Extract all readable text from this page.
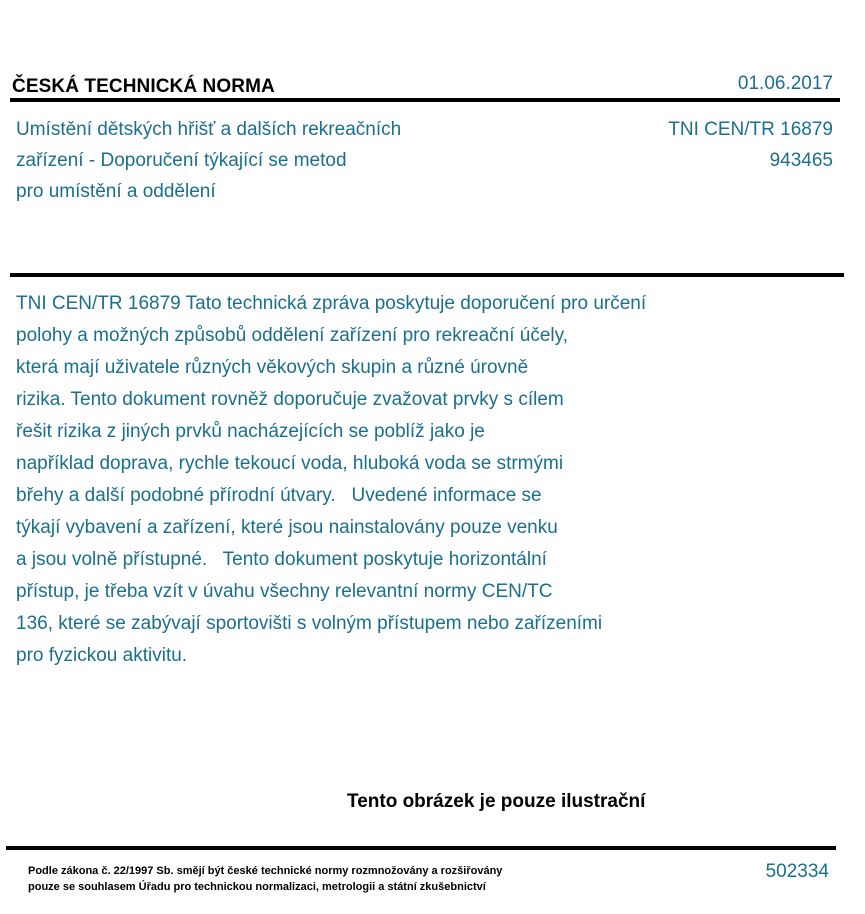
ČESKÁ TECHNICKÁ NORMA	01.06.2017
Umístění dětských hřišť a dalších rekreačních
zařízení - Doporučení týkající se metod
pro umístění a oddělení
TNI CEN/TR 16879
943465
TNI CEN/TR 16879 Tato technická zpráva poskytuje doporučení pro určení
polohy a možných způsobů oddělení zařízení pro rekreační účely,
která mají uživatele různých věkových skupin a různé úrovně
rizika. Tento dokument rovněž doporučuje zvažovat prvky s cílem
řešit rizika z jiných prvků nacházejících se poblíž jako je
například doprava, rychle tekoucí voda, hluboká voda se strmými
břehy a další podobné přírodní útvary.   Uvedené informace se
týkají vybavení a zařízení, které jsou nainstalovány pouze venku
a jsou volně přístupné.   Tento dokument poskytuje horizontální
přístup, je třeba vzít v úvahu všechny relevantní normy CEN/TC
136, které se zabývají sportovišti s volným přístupem nebo zařízeními
pro fyzickou aktivitu.
Tento obrázek je pouze ilustrační
Podle zákona č. 22/1997 Sb. smějí být české technické normy rozmnožovány a rozšiřovány
pouze se souhlasem Úřadu pro technickou normalizaci, metrologii a státní zkušebnictví
502334
